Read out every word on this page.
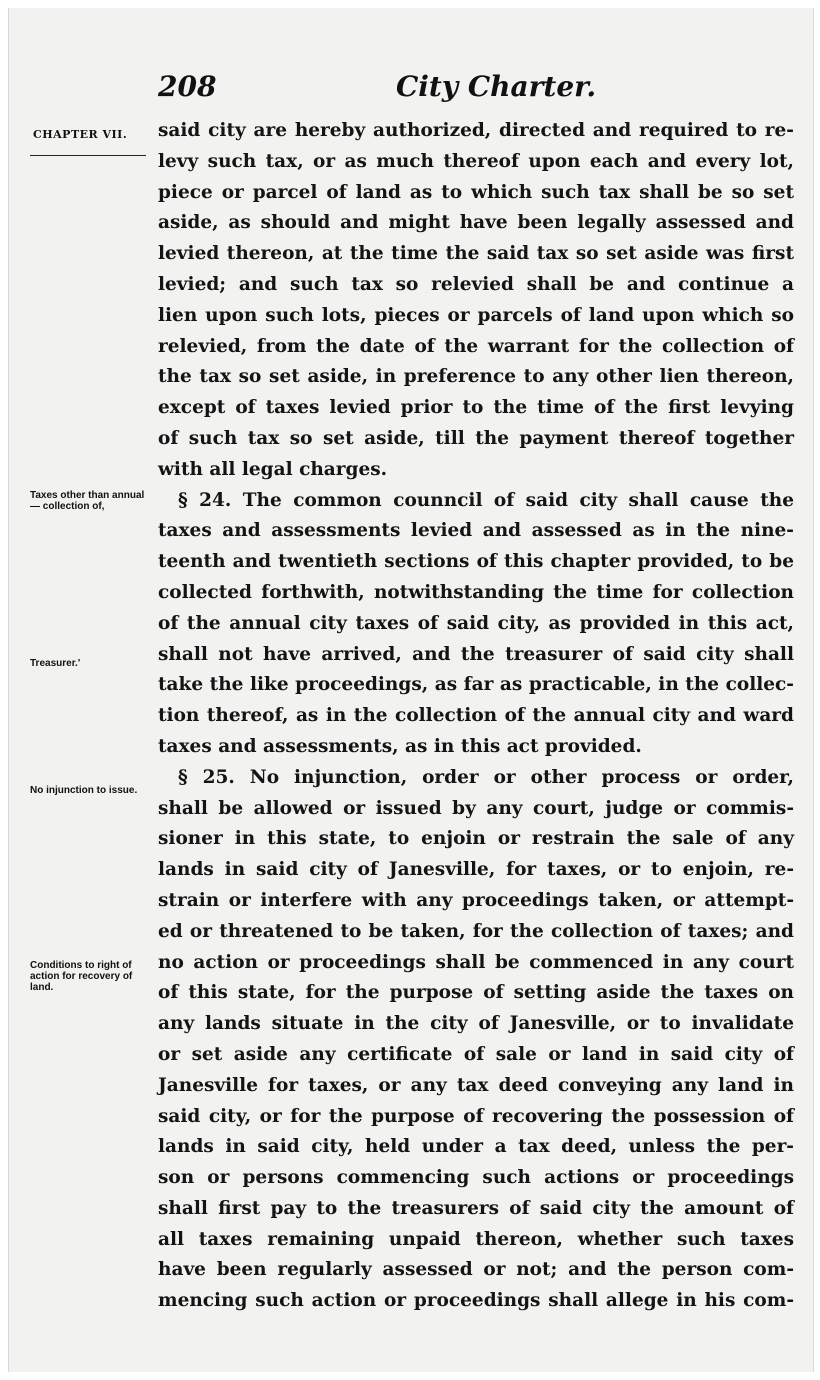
208	City Charter.
CHAPTER VII.
Taxes other than annual — collection of,
Treasurer.'
No injunction to issue.
Conditions to right of action for recovery of land.
said city are hereby authorized, directed and required to re-
levy such tax, or as much thereof upon each and every lot,
piece or parcel of land as to which such tax shall be so set
aside, as should and might have been legally assessed and
levied thereon, at the time the said tax so set aside was first
levied; and such tax so relevied shall be and continue a
lien upon such lots, pieces or parcels of land upon which so
relevied, from the date of the warrant for the collection of
the tax so set aside, in preference to any other lien thereon,
except of taxes levied prior to the time of the first levying
of such tax so set aside, till the payment thereof together
with all legal charges.
§ 24. The common counncil of said city shall cause the
taxes and assessments levied and assessed as in the nine-
teenth and twentieth sections of this chapter provided, to be
collected forthwith, notwithstanding the time for collection
of the annual city taxes of said city, as provided in this act,
shall not have arrived, and the treasurer of said city shall
take the like proceedings, as far as practicable, in the collec-
tion thereof, as in the collection of the annual city and ward
taxes and assessments, as in this act provided.
§ 25. No injunction, order or other process or order,
shall be allowed or issued by any court, judge or commis-
sioner in this state, to enjoin or restrain the sale of any
lands in said city of Janesville, for taxes, or to enjoin, re-
strain or interfere with any proceedings taken, or attempt-
ed or threatened to be taken, for the collection of taxes; and
no action or proceedings shall be commenced in any court
of this state, for the purpose of setting aside the taxes on
any lands situate in the city of Janesville, or to invalidate
or set aside any certificate of sale or land in said city of
Janesville for taxes, or any tax deed conveying any land in
said city, or for the purpose of recovering the possession of
lands in said city, held under a tax deed, unless the per-
son or persons commencing such actions or proceedings
shall first pay to the treasurers of said city the amount of
all taxes remaining unpaid thereon, whether such taxes
have been regularly assessed or not; and the person com-
mencing such action or proceedings shall allege in his com-
